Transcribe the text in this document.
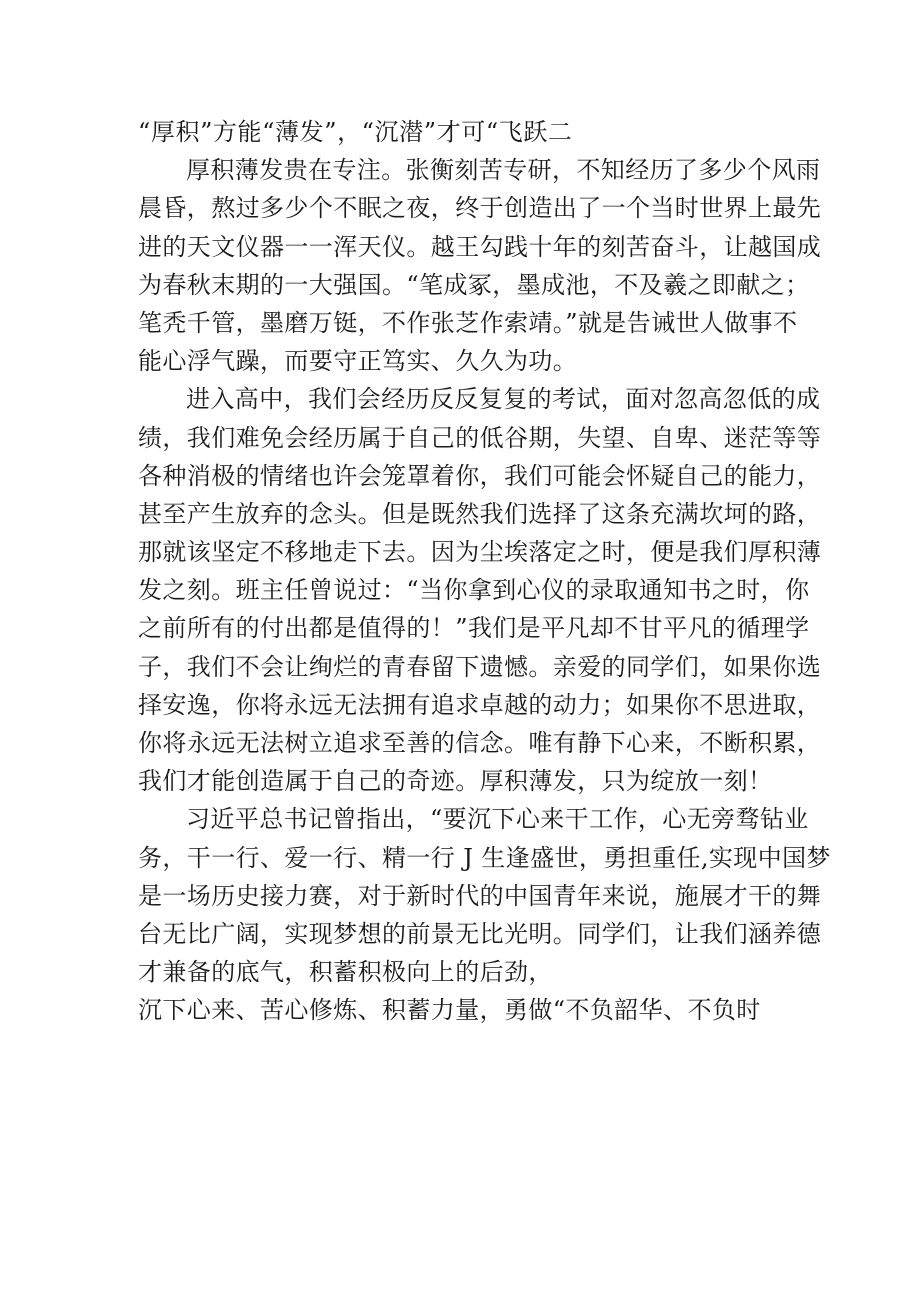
“厚积”方能“薄发”，“沉潜”才可“飞跃二
厚积薄发贵在专注。张衡刻苦专研，不知经历了多少个风雨
晨昏，熬过多少个不眠之夜，终于创造出了一个当时世界上最先
进的天文仪器一一浑天仪。越王勾践十年的刻苦奋斗，让越国成
为春秋末期的一大强国。“笔成冢，墨成池，不及羲之即献之；
笔秃千管，墨磨万铤，不作张芝作索靖。”就是告诫世人做事不
能心浮气躁，而要守正笃实、久久为功。
进入高中，我们会经历反反复复的考试，面对忽高忽低的成
绩，我们难免会经历属于自己的低谷期，失望、自卑、迷茫等等
各种消极的情绪也许会笼罩着你，我们可能会怀疑自己的能力，
甚至产生放弃的念头。但是既然我们选择了这条充满坎坷的路，
那就该坚定不移地走下去。因为尘埃落定之时，便是我们厚积薄
发之刻。班主任曾说过：“当你拿到心仪的录取通知书之时，你
之前所有的付出都是值得的！”我们是平凡却不甘平凡的循理学
子，我们不会让绚烂的青春留下遗憾。亲爱的同学们，如果你选
择安逸，你将永远无法拥有追求卓越的动力；如果你不思进取，
你将永远无法树立追求至善的信念。唯有静下心来，不断积累，
我们才能创造属于自己的奇迹。厚积薄发，只为绽放一刻！
习近平总书记曾指出，“要沉下心来干工作，心无旁骛钻业
务，干一行、爱一行、精一行 J 生逢盛世，勇担重任,实现中国梦
是一场历史接力赛，对于新时代的中国青年来说，施展才干的舞
台无比广阔，实现梦想的前景无比光明。同学们，让我们涵养德
才兼备的底气，积蓄积极向上的后劲，
沉下心来、苦心修炼、积蓄力量，勇做“不负韶华、不负时
